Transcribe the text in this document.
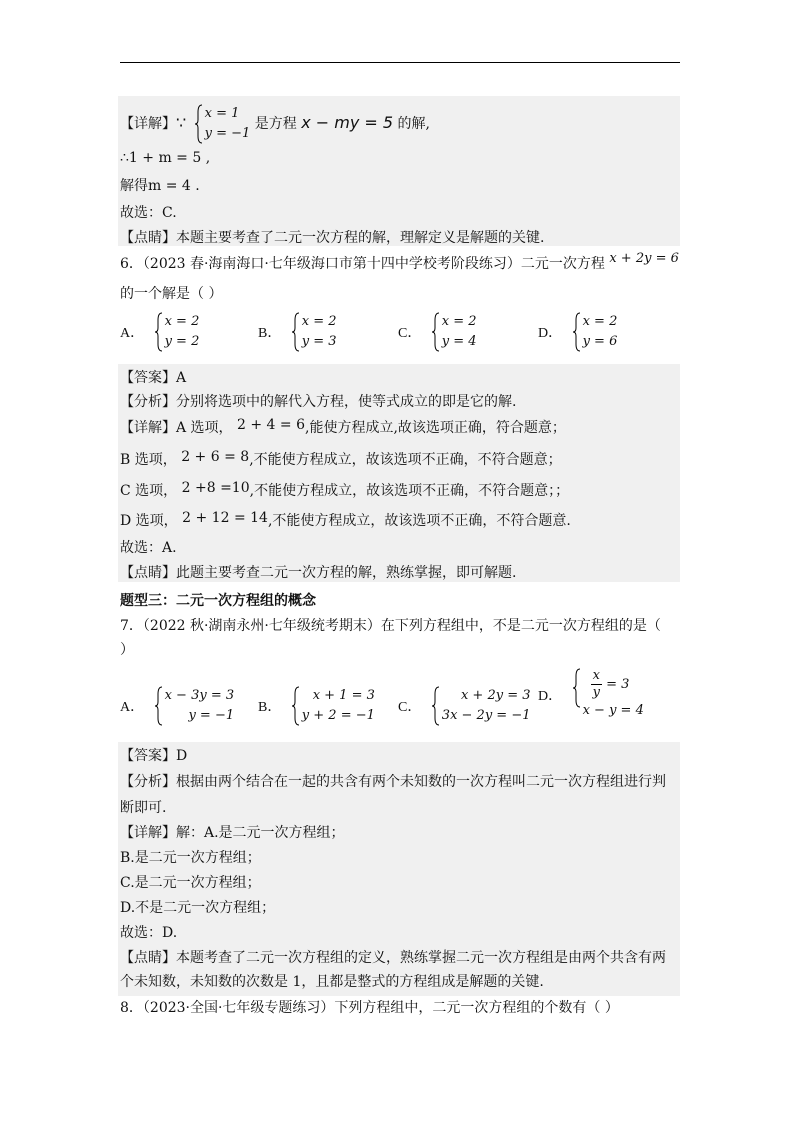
【详解】∵ x = 1
y = −1
是方程 x − my = 5 的解,
∴1 + m = 5 ,
解得m = 4 .
故选：C.
【点睛】本题主要考查了二元一次方程的解，理解定义是解题的关键.
6．（2023 春·海南海口·七年级海口市第十四中学校考阶段练习）二元一次方程 x + 2y = 6
的一个解是（ ）
A．
x = 2
y = 2
B．
x = 2
y = 3
C．
x = 2
y = 4
D．
x = 2
y = 6
【答案】A
【分析】分别将选项中的解代入方程，使等式成立的即是它的解.
【详解】A 选项， 2 + 4 = 6,能使方程成立,故该选项正确，符合题意；
B 选项， 2 + 6 = 8,不能使方程成立，故该选项不正确，不符合题意；
C 选项， 2 +8 =10,不能使方程成立，故该选项不正确，不符合题意；；
D 选项， 2 + 12 = 14,不能使方程成立，故该选项不正确，不符合题意.
故选：A.
【点睛】此题主要考查二元一次方程的解，熟练掌握，即可解题.
题型三：二元一次方程组的概念
7．（2022 秋·湖南永州·七年级统考期末）在下列方程组中，不是二元一次方程组的是（
）
A．
x − 3y = 3
y = −1
B．
x + 1 = 3
y + 2 = −1
C．
x + 2y = 3
3x − 2y = −1
D． $\frac{x}{y} = 3$
x − y = 4
【答案】D
【分析】根据由两个结合在一起的共含有两个未知数的一次方程叫二元一次方程组进行判
断即可.
【详解】解：A.是二元一次方程组；
B.是二元一次方程组；
C.是二元一次方程组；
D.不是二元一次方程组；
故选：D.
【点睛】本题考查了二元一次方程组的定义，熟练掌握二元一次方程组是由两个共含有两
个未知数，未知数的次数是 1，且都是整式的方程组成是解题的关键.
8．（2023·全国·七年级专题练习）下列方程组中，二元一次方程组的个数有（ ）
